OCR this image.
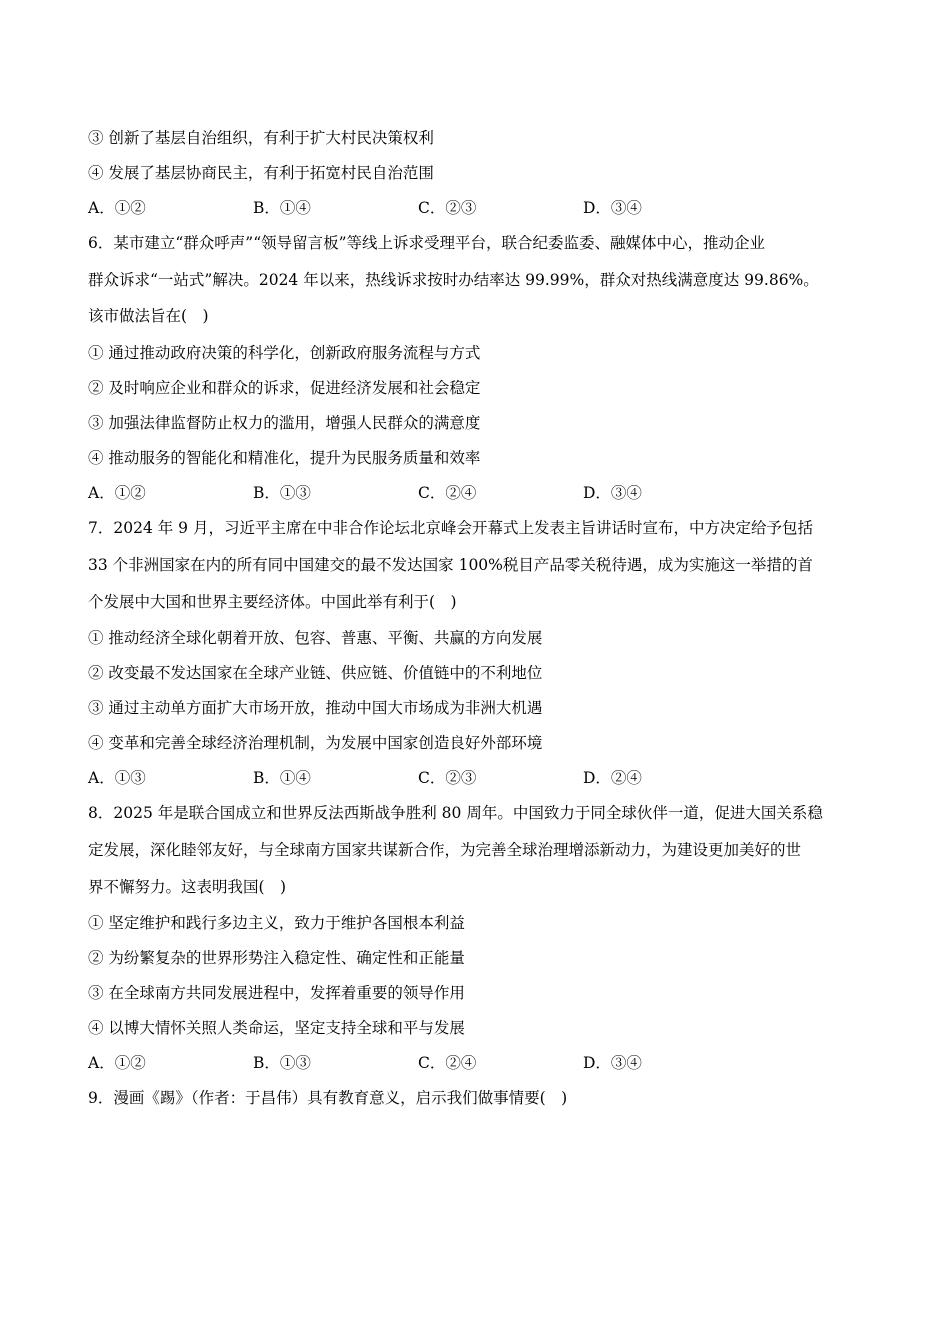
③ 创新了基层自治组织，有利于扩大村民决策权利
④ 发展了基层协商民主，有利于拓宽村民自治范围
A．①②	B．①④	C．②③	D．③④
6．某市建立“群众呼声”“领导留言板”等线上诉求受理平台，联合纪委监委、融媒体中心，推动企业
群众诉求“一站式”解决。2024 年以来，热线诉求按时办结率达 99.99%，群众对热线满意度达 99.86%。
该市做法旨在(　)
① 通过推动政府决策的科学化，创新政府服务流程与方式
② 及时响应企业和群众的诉求，促进经济发展和社会稳定
③ 加强法律监督防止权力的滥用，增强人民群众的满意度
④ 推动服务的智能化和精准化，提升为民服务质量和效率
A．①②	B．①③	C．②④	D．③④
7．2024 年 9 月，习近平主席在中非合作论坛北京峰会开幕式上发表主旨讲话时宣布，中方决定给予包括
33 个非洲国家在内的所有同中国建交的最不发达国家 100%税目产品零关税待遇，成为实施这一举措的首
个发展中大国和世界主要经济体。中国此举有利于(　)
① 推动经济全球化朝着开放、包容、普惠、平衡、共赢的方向发展
② 改变最不发达国家在全球产业链、供应链、价值链中的不利地位
③ 通过主动单方面扩大市场开放，推动中国大市场成为非洲大机遇
④ 变革和完善全球经济治理机制，为发展中国家创造良好外部环境
A．①③	B．①④	C．②③	D．②④
8．2025 年是联合国成立和世界反法西斯战争胜利 80 周年。中国致力于同全球伙伴一道，促进大国关系稳
定发展，深化睦邻友好，与全球南方国家共谋新合作，为完善全球治理增添新动力，为建设更加美好的世
界不懈努力。这表明我国(　)
① 坚定维护和践行多边主义，致力于维护各国根本利益
② 为纷繁复杂的世界形势注入稳定性、确定性和正能量
③ 在全球南方共同发展进程中，发挥着重要的领导作用
④ 以博大情怀关照人类命运，坚定支持全球和平与发展
A．①②	B．①③	C．②④	D．③④
9．漫画《踢》（作者：于昌伟）具有教育意义，启示我们做事情要(　)
